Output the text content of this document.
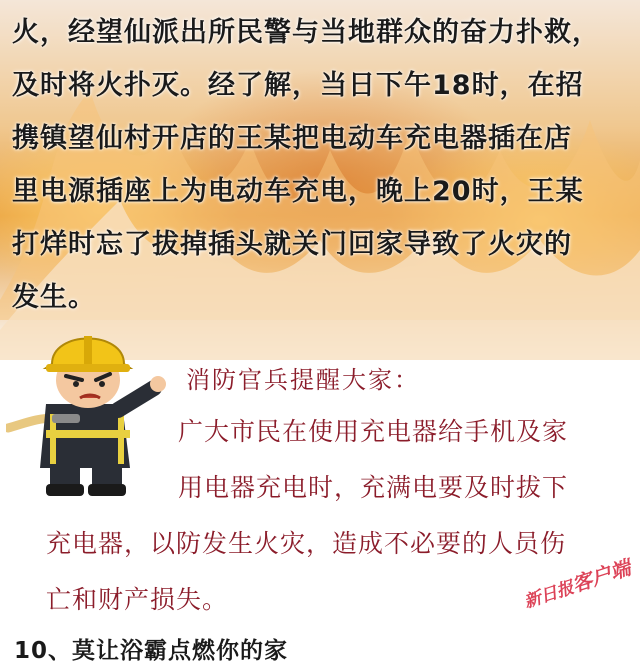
火，经望仙派出所民警与当地群众的奋力扑救，
及时将火扑灭。经了解，当日下午18时，在招
携镇望仙村开店的王某把电动车充电器插在店
里电源插座上为电动车充电，晚上20时，王某
打烊时忘了拔掉插头就关门回家导致了火灾的
发生。

消防官兵提醒大家：

广大市民在使用充电器给手机及家
用电器充电时，充满电要及时拔下
充电器，以防发生火灾，造成不必要的人员伤
亡和财产损失。	新日报客户端
10、莫让浴霸点燃你的家
